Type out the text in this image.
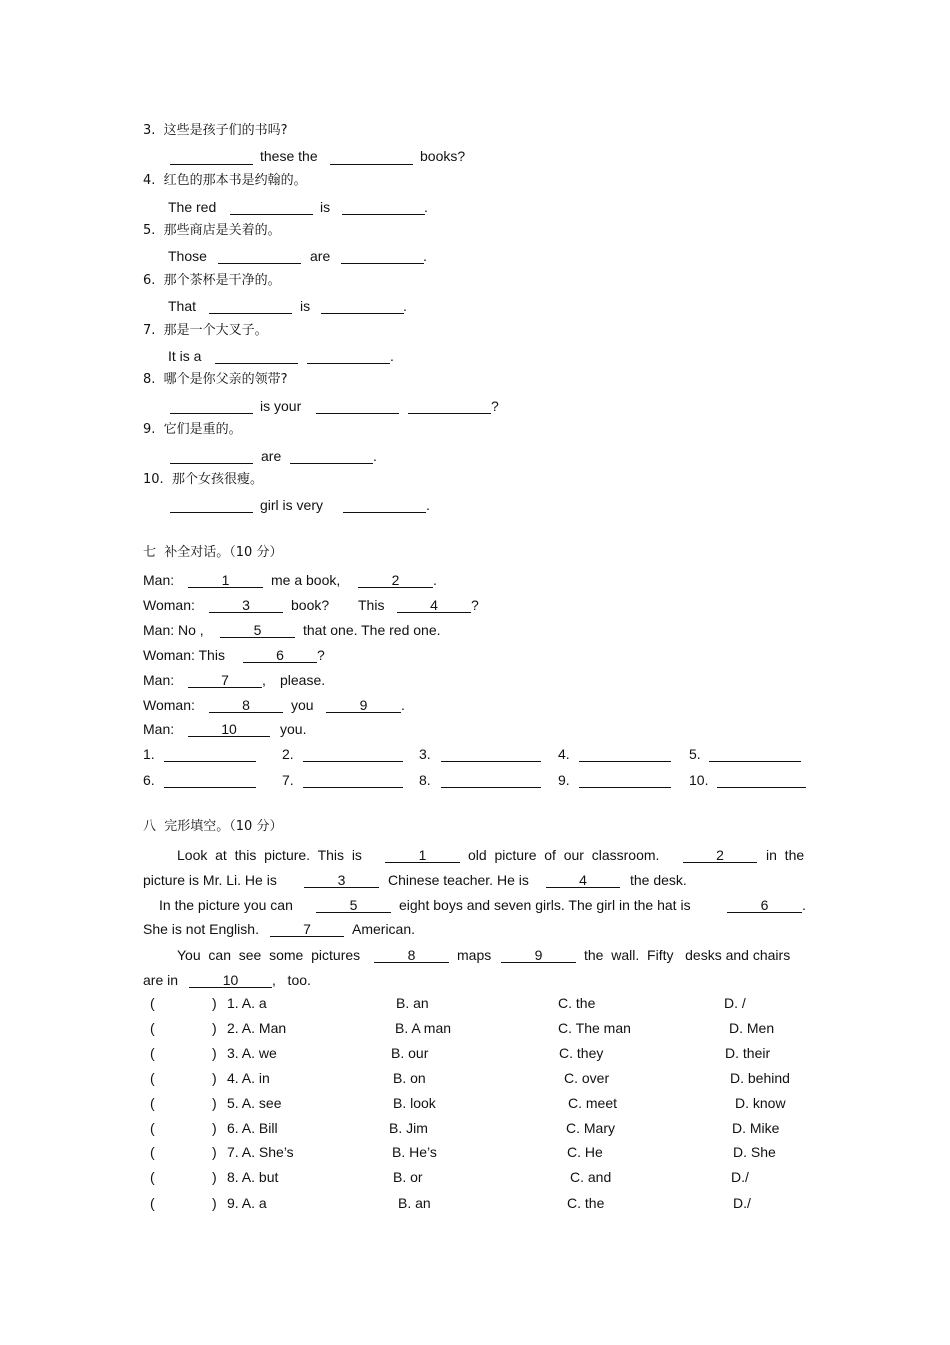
3.  这些是孩子们的书吗?
these the	books?
4.  红色的那本书是约翰的。
The red	is	.
5.  那些商店是关着的。
Those	are	.
6.  那个茶杯是干净的。
That	is	.
7.  那是一个大叉子。
It is a	.
8.  哪个是你父亲的领带?
is your	?
9.  它们是重的。
are	.
10.  那个女孩很瘦。
girl is very	.
七  补全对话。（10 分）
Man:	1	me a book,	2	.
Woman:	3	book? This	4	?
Man: No ,	5	that one. The red one.
Woman: This	6	?
Man:	7	, please.
Woman:	8	you	9	.
Man:	10	you.
1.	2.	3.	4.	5.
6.	7.	8.	9.	10.
八  完形填空。（10 分）
Look  at  this  picture.  This  is	1	old  picture  of  our  classroom.	2	in  the
picture is Mr. Li. He is	3	Chinese teacher. He is	4	the desk.
In the picture you can	5	eight boys and seven girls. The girl in the hat is	6	.
She is not English.	7	American.
You  can  see  some  pictures	8	maps	9	the  wall.  Fifty   desks and chairs
are in	10	,   too.
(	) 1. A. a	B. an	C. the	D. /
(	) 2. A. Man	B. A man	C. The man	D. Men
(	) 3. A. we	B. our	C. they	D. their
(	) 4. A. in	B. on	C. over	D. behind
(	) 5. A. see	B. look	C. meet	D. know
(	) 6. A. Bill	B. Jim	C. Mary	D. Mike
(	) 7. A. She’s	B. He’s	C. He	D. She
(	) 8. A. but	B. or	C. and	D./
(	) 9. A. a	B. an	C. the	D./
